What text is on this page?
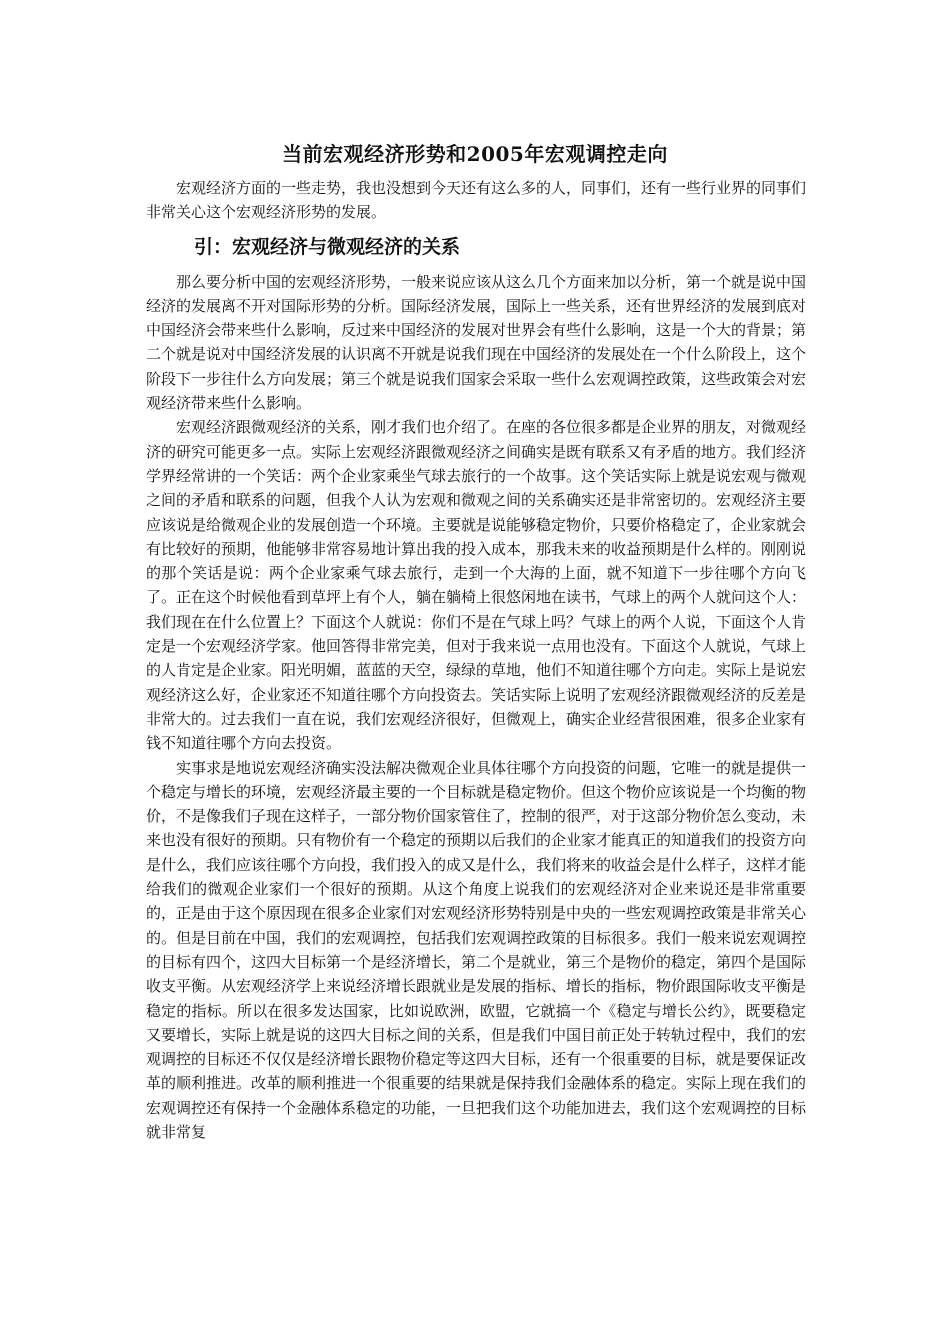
当前宏观经济形势和2005年宏观调控走向

宏观经济方面的一些走势，我也没想到今天还有这么多的人，同事们，还有一些行业界的同事们非常关心这个宏观经济形势的发展。

引：宏观经济与微观经济的关系

那么要分析中国的宏观经济形势，一般来说应该从这么几个方面来加以分析，第一个就是说中国经济的发展离不开对国际形势的分析。国际经济发展，国际上一些关系，还有世界经济的发展到底对中国经济会带来些什么影响，反过来中国经济的发展对世界会有些什么影响，这是一个大的背景；第二个就是说对中国经济发展的认识离不开就是说我们现在中国经济的发展处在一个什么阶段上，这个阶段下一步往什么方向发展；第三个就是说我们国家会采取一些什么宏观调控政策，这些政策会对宏观经济带来些什么影响。

宏观经济跟微观经济的关系，刚才我们也介绍了。在座的各位很多都是企业界的朋友，对微观经济的研究可能更多一点。实际上宏观经济跟微观经济之间确实是既有联系又有矛盾的地方。我们经济学界经常讲的一个笑话：两个企业家乘坐气球去旅行的一个故事。这个笑话实际上就是说宏观与微观之间的矛盾和联系的问题，但我个人认为宏观和微观之间的关系确实还是非常密切的。宏观经济主要应该说是给微观企业的发展创造一个环境。主要就是说能够稳定物价，只要价格稳定了，企业家就会有比较好的预期，他能够非常容易地计算出我的投入成本，那我未来的收益预期是什么样的。刚刚说的那个笑话是说：两个企业家乘气球去旅行，走到一个大海的上面，就不知道下一步往哪个方向飞了。正在这个时候他看到草坪上有个人，躺在躺椅上很悠闲地在读书，气球上的两个人就问这个人：我们现在在什么位置上？下面这个人就说：你们不是在气球上吗？气球上的两个人说，下面这个人肯定是一个宏观经济学家。他回答得非常完美，但对于我来说一点用也没有。下面这个人就说，气球上的人肯定是企业家。阳光明媚，蓝蓝的天空，绿绿的草地，他们不知道往哪个方向走。实际上是说宏观经济这么好，企业家还不知道往哪个方向投资去。笑话实际上说明了宏观经济跟微观经济的反差是非常大的。过去我们一直在说，我们宏观经济很好，但微观上，确实企业经营很困难，很多企业家有钱不知道往哪个方向去投资。

实事求是地说宏观经济确实没法解决微观企业具体往哪个方向投资的问题，它唯一的就是提供一个稳定与增长的环境，宏观经济最主要的一个目标就是稳定物价。但这个物价应该说是一个均衡的物价，不是像我们子现在这样子，一部分物价国家管住了，控制的很严，对于这部分物价怎么变动，未来也没有很好的预期。只有物价有一个稳定的预期以后我们的企业家才能真正的知道我们的投资方向是什么，我们应该往哪个方向投，我们投入的成又是什么，我们将来的收益会是什么样子，这样才能给我们的微观企业家们一个很好的预期。从这个角度上说我们的宏观经济对企业来说还是非常重要的，正是由于这个原因现在很多企业家们对宏观经济形势特别是中央的一些宏观调控政策是非常关心的。但是目前在中国，我们的宏观调控，包括我们宏观调控政策的目标很多。我们一般来说宏观调控的目标有四个，这四大目标第一个是经济增长，第二个是就业，第三个是物价的稳定，第四个是国际收支平衡。从宏观经济学上来说经济增长跟就业是发展的指标、增长的指标，物价跟国际收支平衡是稳定的指标。所以在很多发达国家，比如说欧洲，欧盟，它就搞一个《稳定与增长公约》，既要稳定又要增长，实际上就是说的这四大目标之间的关系，但是我们中国目前正处于转轨过程中，我们的宏观调控的目标还不仅仅是经济增长跟物价稳定等这四大目标，还有一个很重要的目标，就是要保证改革的顺利推进。改革的顺利推进一个很重要的结果就是保持我们金融体系的稳定。实际上现在我们的宏观调控还有保持一个金融体系稳定的功能，一旦把我们这个功能加进去，我们这个宏观调控的目标就非常复
